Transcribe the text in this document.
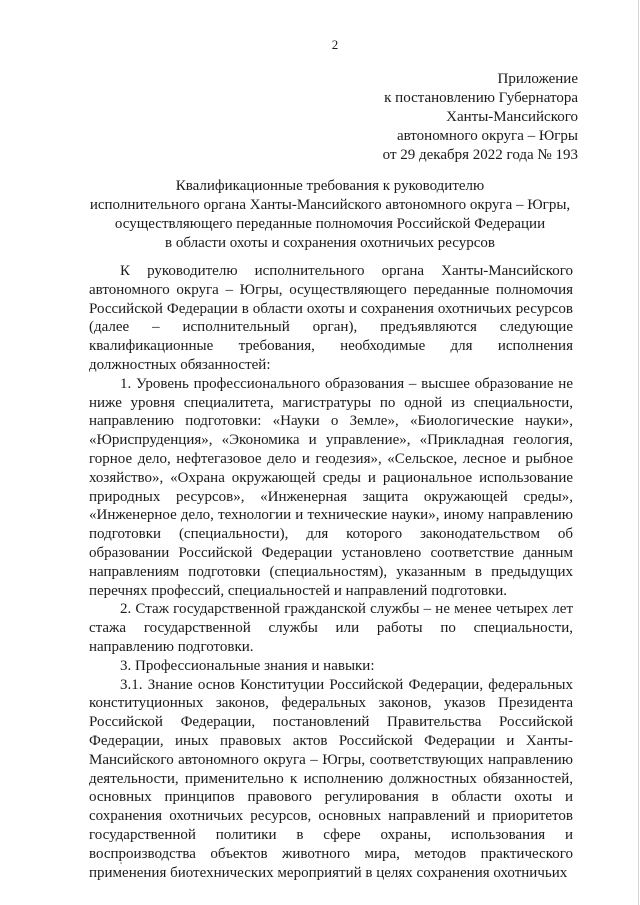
2
Приложение
к постановлению Губернатора
Ханты-Мансийского
автономного округа – Югры
от 29 декабря 2022 года № 193
Квалификационные требования к руководителю
исполнительного органа Ханты-Мансийского автономного округа – Югры,
осуществляющего переданные полномочия Российской Федерации
в области охоты и сохранения охотничьих ресурсов

К руководителю исполнительного органа Ханты-Мансийского автономного округа – Югры, осуществляющего переданные полномочия Российской Федерации в области охоты и сохранения охотничьих ресурсов (далее – исполнительный орган), предъявляются следующие квалификационные требования, необходимые для исполнения должностных обязанностей:

1. Уровень профессионального образования – высшее образование не ниже уровня специалитета, магистратуры по одной из специальности, направлению подготовки: «Науки о Земле», «Биологические науки», «Юриспруденция», «Экономика и управление», «Прикладная геология, горное дело, нефтегазовое дело и геодезия», «Сельское, лесное и рыбное хозяйство», «Охрана окружающей среды и рациональное использование природных ресурсов», «Инженерная защита окружающей среды», «Инженерное дело, технологии и технические науки», иному направлению подготовки (специальности), для которого законодательством об образовании Российской Федерации установлено соответствие данным направлениям подготовки (специальностям), указанным в предыдущих перечнях профессий, специальностей и направлений подготовки.

2. Стаж государственной гражданской службы – не менее четырех лет стажа государственной службы или работы по специальности, направлению подготовки.

3. Профессиональные знания и навыки:

3.1. Знание основ Конституции Российской Федерации, федеральных конституционных законов, федеральных законов, указов Президента Российской Федерации, постановлений Правительства Российской Федерации, иных правовых актов Российской Федерации и Ханты-Мансийского автономного округа – Югры, соответствующих направлению деятельности, применительно к исполнению должностных обязанностей, основных принципов правового регулирования в области охоты и сохранения охотничьих ресурсов, основных направлений и приоритетов государственной политики в сфере охраны, использования и воспроизводства объектов животного мира, методов практического применения биотехнических мероприятий в целях сохранения охотничьих
